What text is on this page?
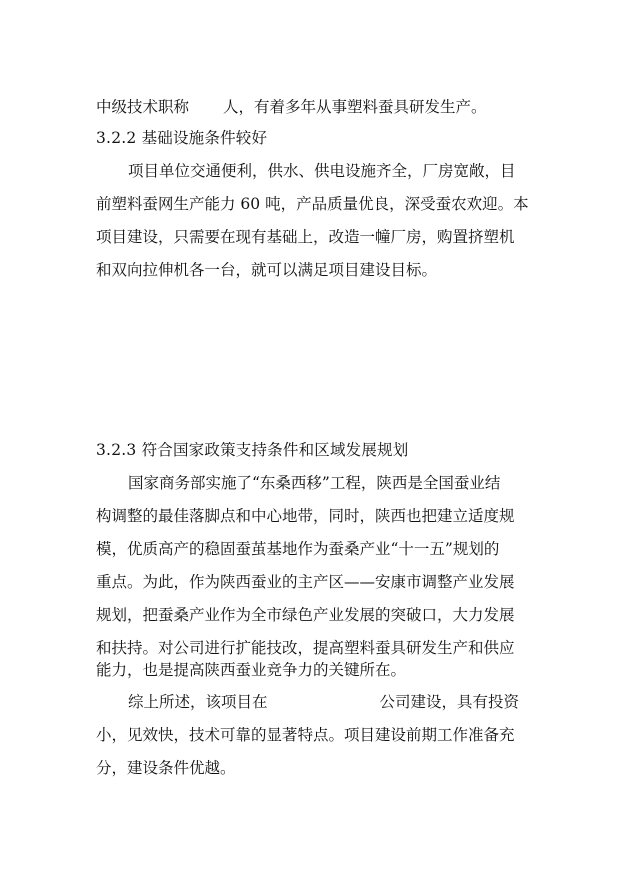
中级技术职称 人，有着多年从事塑料蚕具研发生产。
3.2.2 基础设施条件较好
项目单位交通便利，供水、供电设施齐全，厂房宽敞，目
前塑料蚕网生产能力 60 吨，产品质量优良，深受蚕农欢迎。本
项目建设，只需要在现有基础上，改造一幢厂房，购置挤塑机
和双向拉伸机各一台，就可以满足项目建设目标。
3.2.3 符合国家政策支持条件和区域发展规划
国家商务部实施了“东桑西移”工程，陕西是全国蚕业结
构调整的最佳落脚点和中心地带，同时，陕西也把建立适度规
模，优质高产的稳固蚕茧基地作为蚕桑产业“十一五”规划的
重点。为此，作为陕西蚕业的主产区——安康市调整产业发展
规划，把蚕桑产业作为全市绿色产业发展的突破口，大力发展
和扶持。对公司进行扩能技改，提高塑料蚕具研发生产和供应
能力，也是提高陕西蚕业竞争力的关键所在。
综上所述，该项目在	公司建设，具有投资
小，见效快，技术可靠的显著特点。项目建设前期工作准备充
分，建设条件优越。
